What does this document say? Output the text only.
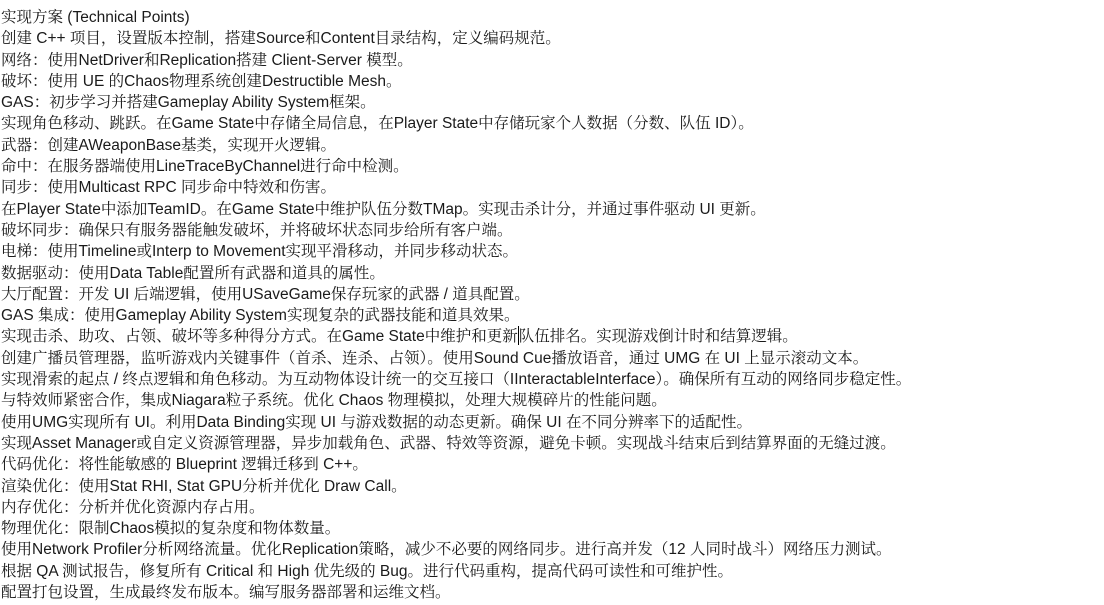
实现方案 (Technical Points)
创建 C++ 项目，设置版本控制，搭建Source和Content目录结构，定义编码规范。
网络：使用NetDriver和Replication搭建 Client-Server 模型。
破坏：使用 UE 的Chaos物理系统创建Destructible Mesh。
GAS：初步学习并搭建Gameplay Ability System框架。
实现角色移动、跳跃。在Game State中存储全局信息，在Player State中存储玩家个人数据（分数、队伍 ID）。
武器：创建AWeaponBase基类，实现开火逻辑。
命中：在服务器端使用LineTraceByChannel进行命中检测。
同步：使用Multicast RPC 同步命中特效和伤害。
在Player State中添加TeamID。在Game State中维护队伍分数TMap。实现击杀计分，并通过事件驱动 UI 更新。
破坏同步：确保只有服务器能触发破坏，并将破坏状态同步给所有客户端。
电梯：使用Timeline或Interp to Movement实现平滑移动，并同步移动状态。
数据驱动：使用Data Table配置所有武器和道具的属性。
大厅配置：开发 UI 后端逻辑，使用USaveGame保存玩家的武器 / 道具配置。
GAS 集成：使用Gameplay Ability System实现复杂的武器技能和道具效果。
实现击杀、助攻、占领、破坏等多种得分方式。在Game State中维护和更新队伍排名。实现游戏倒计时和结算逻辑。
创建广播员管理器，监听游戏内关键事件（首杀、连杀、占领）。使用Sound Cue播放语音，通过 UMG 在 UI 上显示滚动文本。
实现滑索的起点 / 终点逻辑和角色移动。为互动物体设计统一的交互接口（IInteractableInterface）。确保所有互动的网络同步稳定性。
与特效师紧密合作，集成Niagara粒子系统。优化 Chaos 物理模拟，处理大规模碎片的性能问题。
使用UMG实现所有 UI。利用Data Binding实现 UI 与游戏数据的动态更新。确保 UI 在不同分辨率下的适配性。
实现Asset Manager或自定义资源管理器，异步加载角色、武器、特效等资源，避免卡顿。实现战斗结束后到结算界面的无缝过渡。
代码优化：将性能敏感的 Blueprint 逻辑迁移到 C++。
渲染优化：使用Stat RHI, Stat GPU分析并优化 Draw Call。
内存优化：分析并优化资源内存占用。
物理优化：限制Chaos模拟的复杂度和物体数量。
使用Network Profiler分析网络流量。优化Replication策略，减少不必要的网络同步。进行高并发（12 人同时战斗）网络压力测试。
根据 QA 测试报告，修复所有 Critical 和 High 优先级的 Bug。进行代码重构，提高代码可读性和可维护性。
配置打包设置，生成最终发布版本。编写服务器部署和运维文档。
